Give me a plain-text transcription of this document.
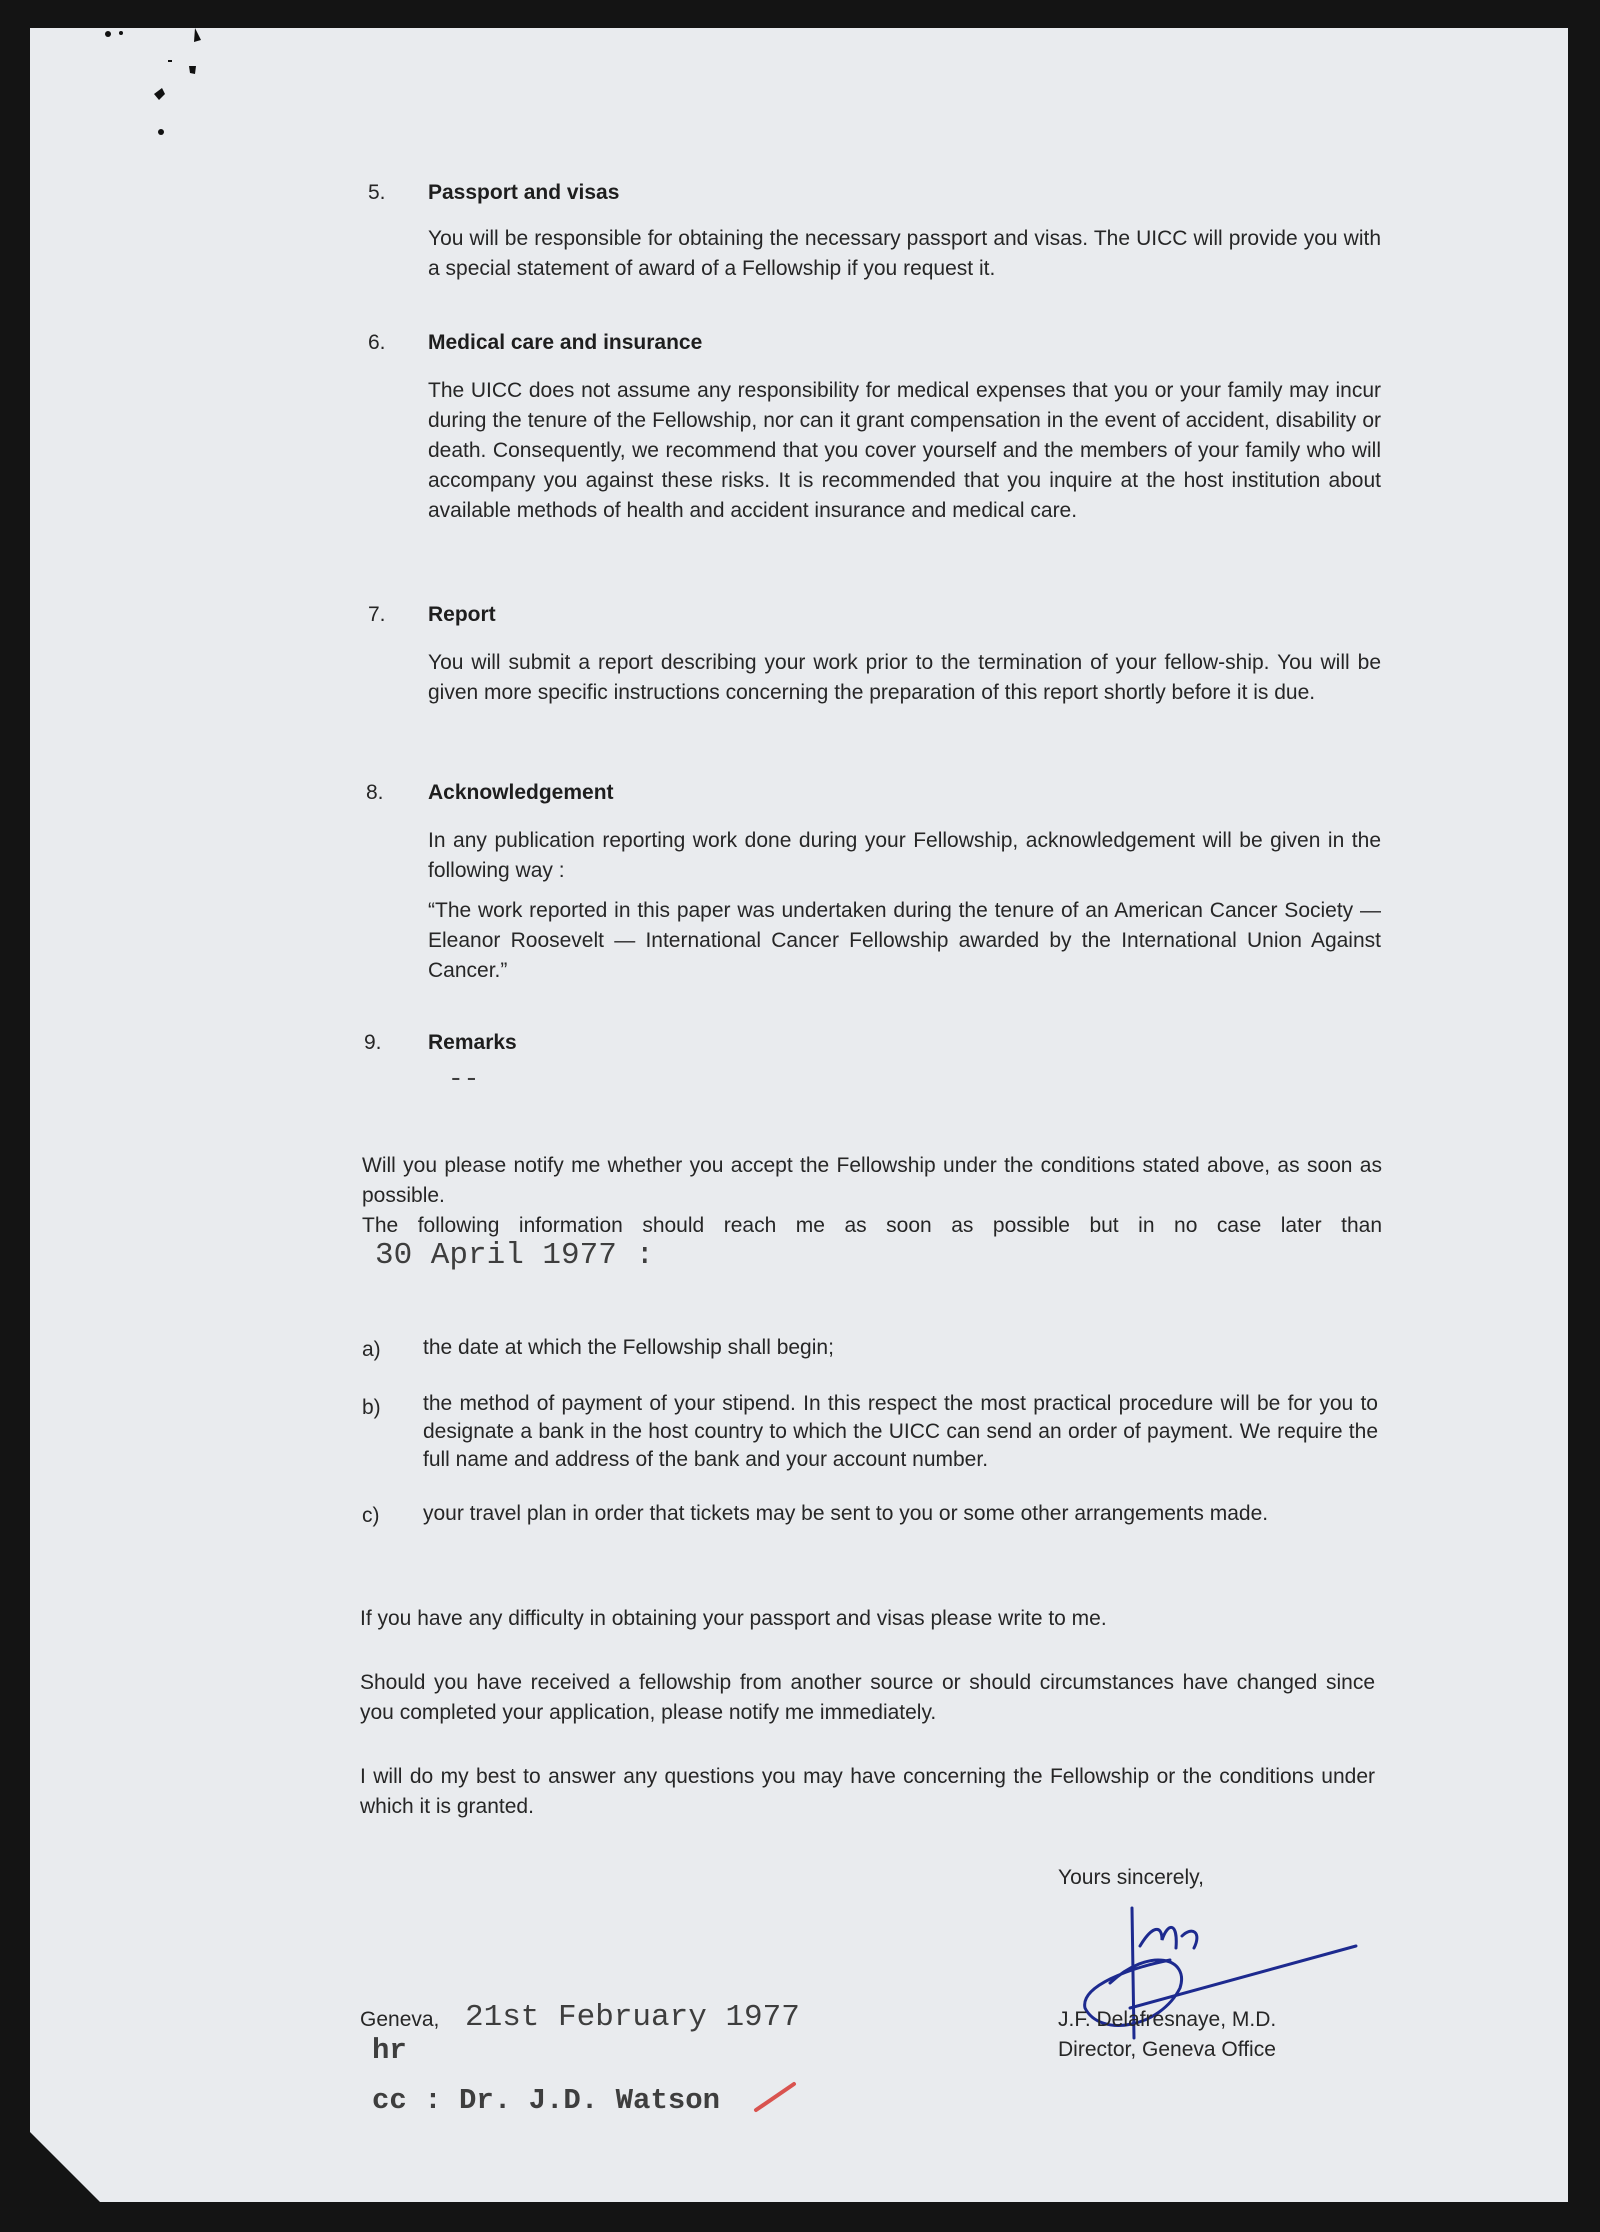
5. Passport and visas
You will be responsible for obtaining the necessary passport and visas. The UICC will provide you with a special statement of award of a Fellowship if you request it.
6. Medical care and insurance
The UICC does not assume any responsibility for medical expenses that you or your family may incur during the tenure of the Fellowship, nor can it grant compensation in the event of accident, disability or death. Consequently, we recommend that you cover yourself and the members of your family who will accompany you against these risks. It is recommended that you inquire at the host institution about available methods of health and accident insurance and medical care.
7. Report
You will submit a report describing your work prior to the termination of your fellow-ship. You will be given more specific instructions concerning the preparation of this report shortly before it is due.
8. Acknowledgement
In any publication reporting work done during your Fellowship, acknowledgement will be given in the following way :
“The work reported in this paper was undertaken during the tenure of an American Cancer Society — Eleanor Roosevelt — International Cancer Fellowship awarded by the International Union Against Cancer.”
9. Remarks
--
Will you please notify me whether you accept the Fellowship under the conditions stated above, as soon as possible.
The following information should reach me as soon as possible but in no case later than
30 April 1977 :
a) the date at which the Fellowship shall begin;
b) the method of payment of your stipend. In this respect the most practical procedure will be for you to designate a bank in the host country to which the UICC can send an order of payment. We require the full name and address of the bank and your account number.
c) your travel plan in order that tickets may be sent to you or some other arrangements made.
If you have any difficulty in obtaining your passport and visas please write to me.
Should you have received a fellowship from another source or should circumstances have changed since you completed your application, please notify me immediately.
I will do my best to answer any questions you may have concerning the Fellowship or the conditions under which it is granted.
Yours sincerely,
J.F. Delafresnaye, M.D.
Director, Geneva Office
Geneva, 21st February 1977
hr
cc : Dr. J.D. Watson
